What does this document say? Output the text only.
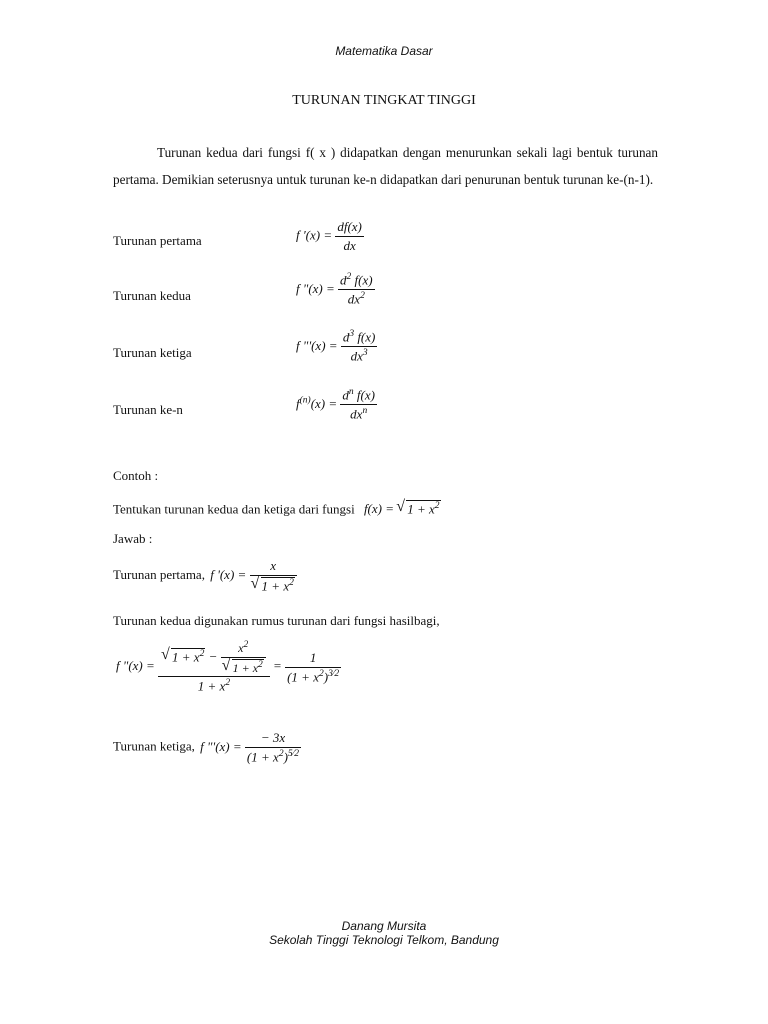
Matematika Dasar
TURUNAN TINGKAT TINGGI

Turunan kedua dari fungsi f( x ) didapatkan dengan menurunkan sekali lagi bentuk turunan pertama. Demikian seterusnya untuk turunan ke-n didapatkan dari penurunan bentuk turunan ke-(n-1).

Turunan pertama	f '$(x) = \frac{df(x)}{dx}$
Turunan kedua	f "$(x) = \frac{d^2 f(x)}{dx^2}$
Turunan ketiga	f "'$(x) = \frac{d^3 f(x)}{dx^3}$
Turunan ke-n	$f^{(n)}(x) = \frac{d^n f(x)}{dx^n}$
Contoh :
Tentukan turunan kedua dan ketiga dari fungsi f(x) = √ $1 + x^2$
Jawab :
Turunan pertama, f '(x) = x
√ $1 + x^2$
Turunan kedua digunakan rumus turunan dari fungsi hasilbagi,
f "(x) = √ $1 + x^2 - x^2$
√ $1 + x^2$
$1 + x^2 = \frac{1}{(1 + x^2)^{3⁄2}}$
Turunan ketiga, f "'$(x) = \frac{- 3x}{(1 + x^2)^{5⁄2}}$
Danang Mursita
Sekolah Tinggi Teknologi Telkom, Bandung
